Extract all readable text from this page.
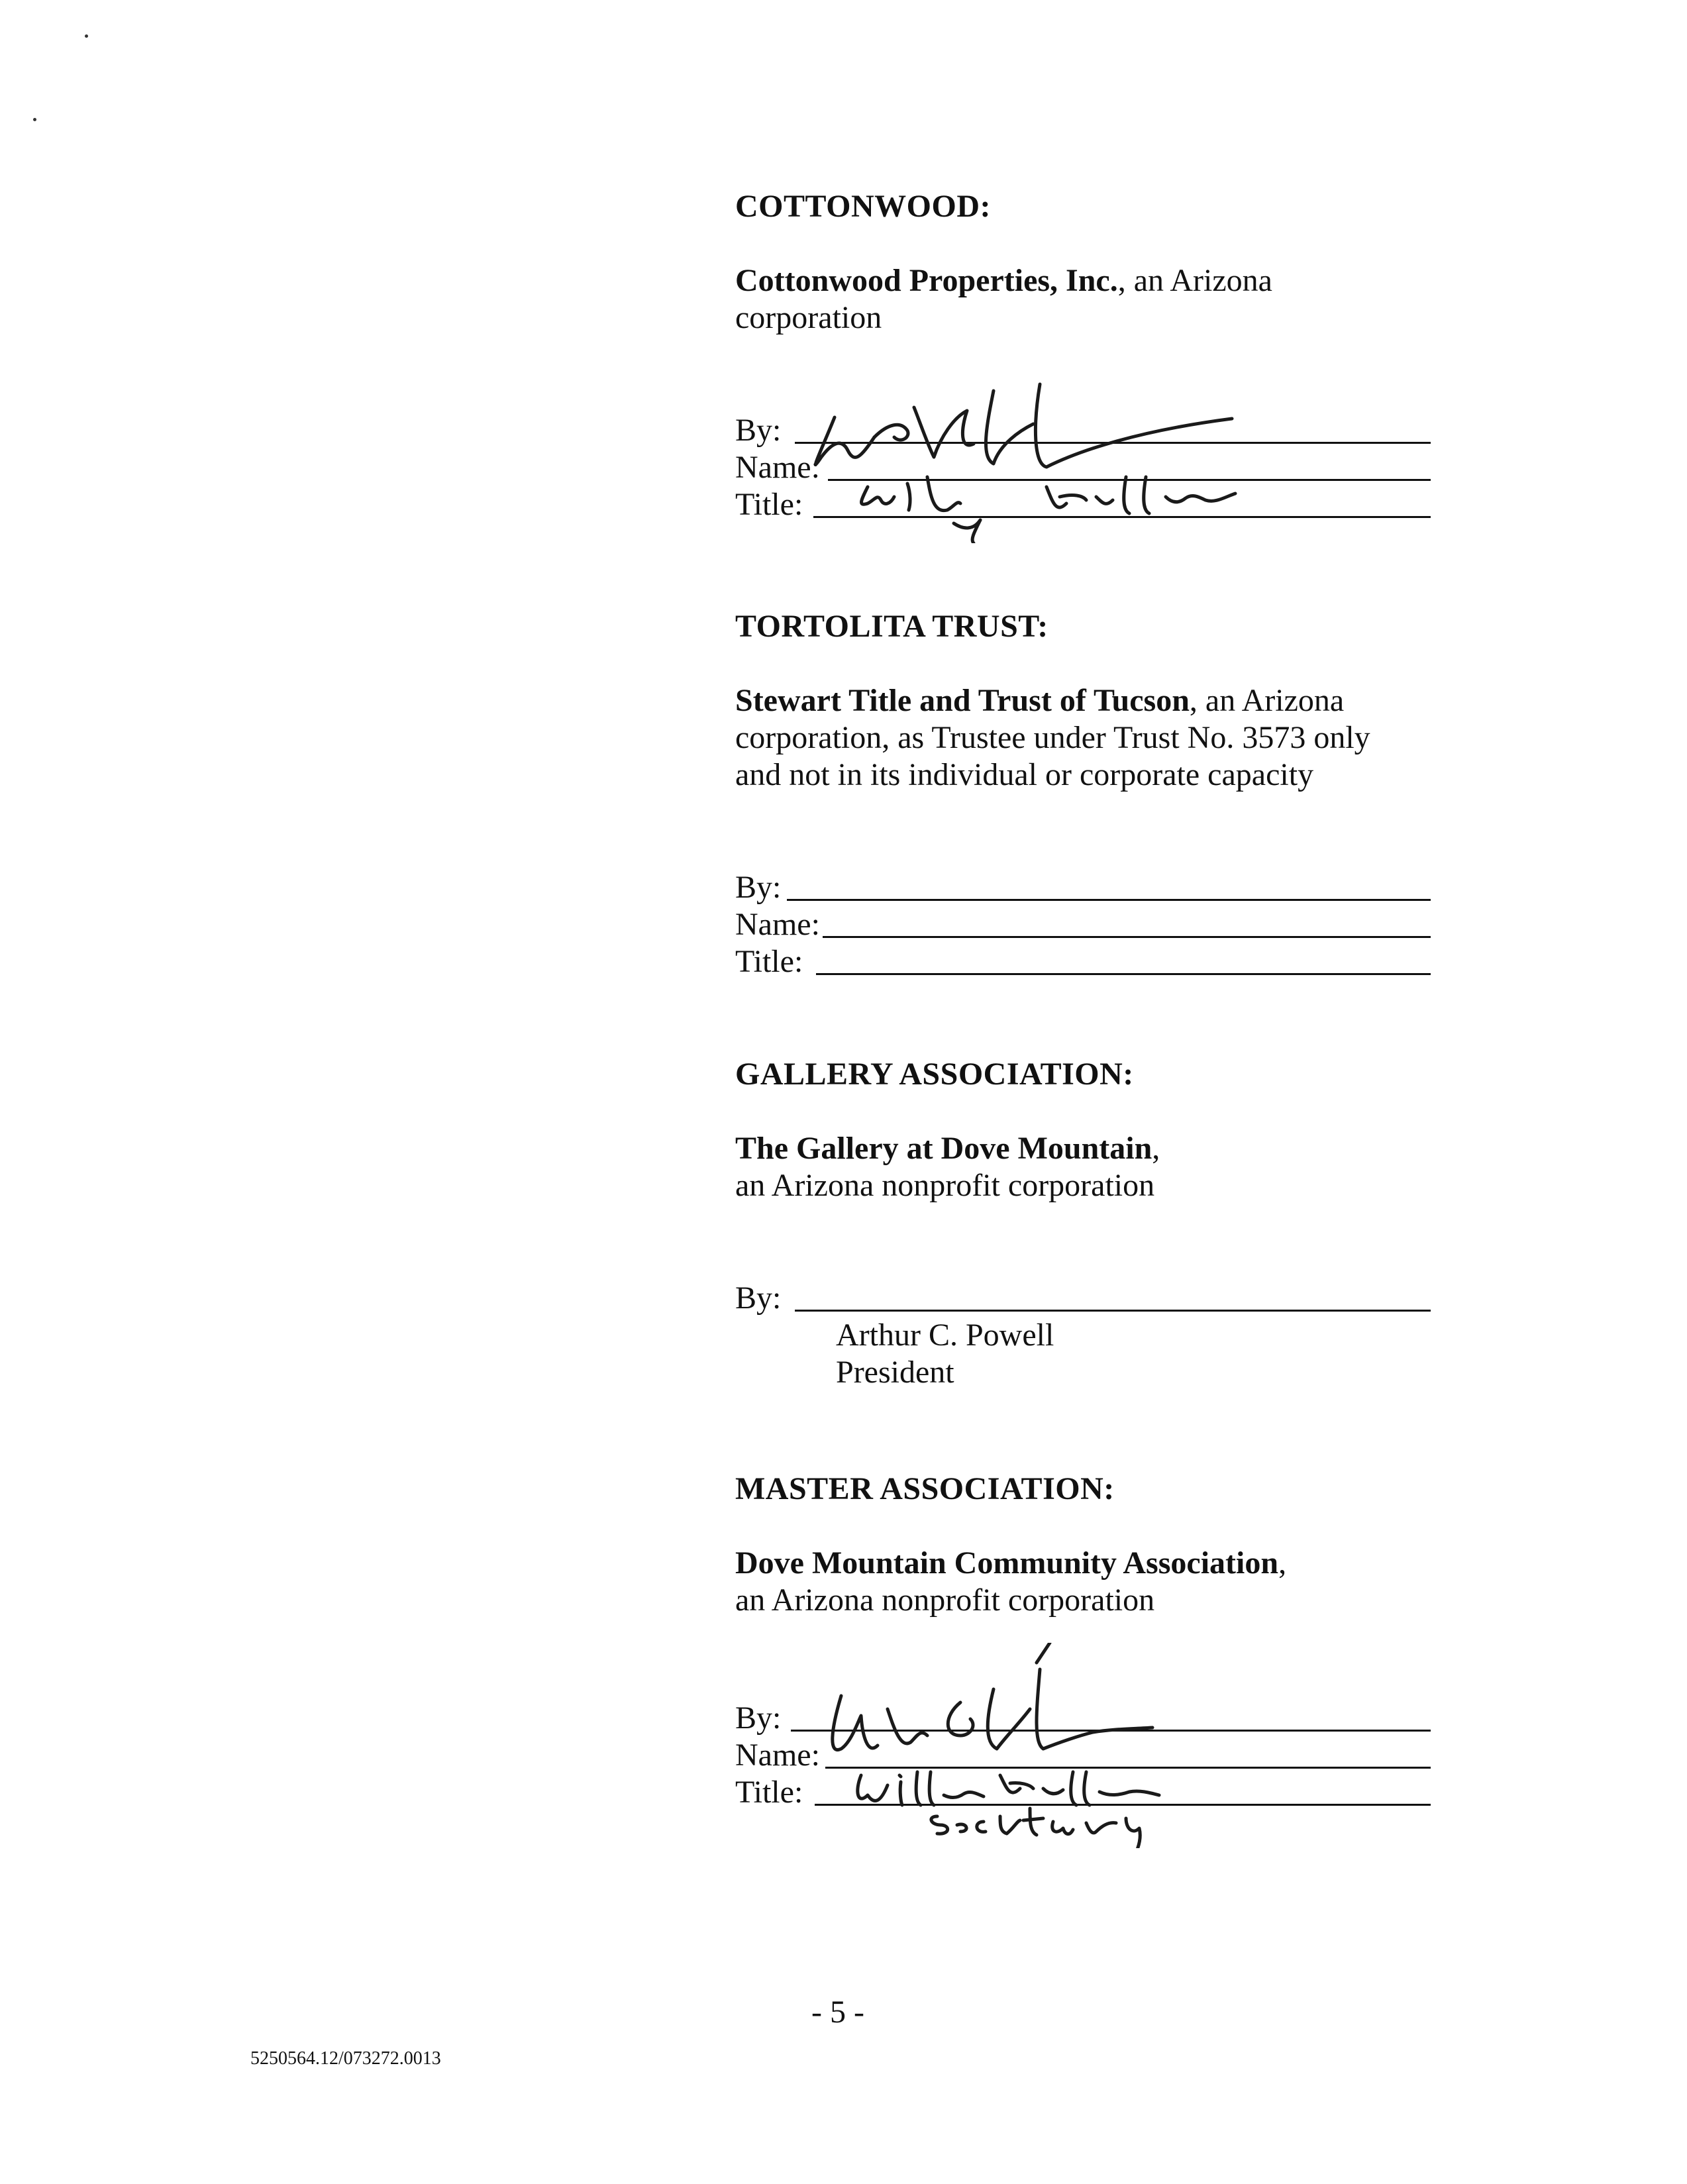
COTTONWOOD:

Cottonwood Properties, Inc., an Arizona

corporation

By:
Name:
Title:

TORTOLITA TRUST:

Stewart Title and Trust of Tucson, an Arizona

corporation, as Trustee under Trust No. 3573 only

and not in its individual or corporate capacity

By:
Name:
Title:

GALLERY ASSOCIATION:

The Gallery at Dove Mountain,

an Arizona nonprofit corporation

By:
Arthur C. Powell
President

MASTER ASSOCIATION:

Dove Mountain Community Association,

an Arizona nonprofit corporation

By:
Name:
Title:
- 5 -
5250564.12/073272.0013
